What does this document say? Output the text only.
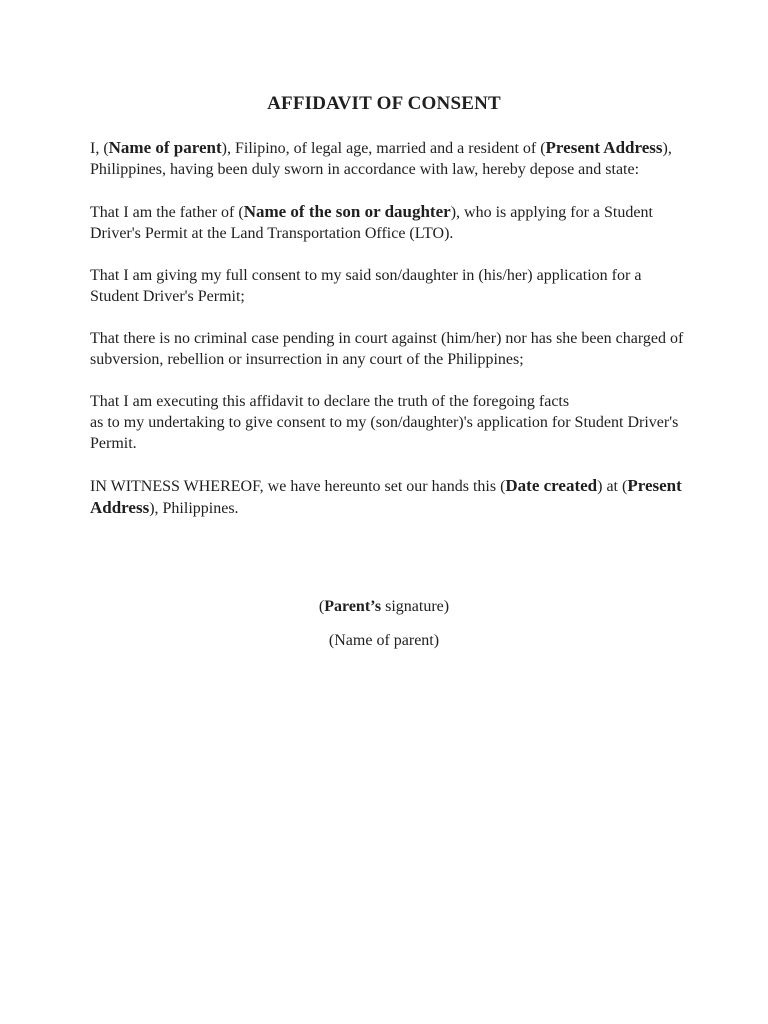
AFFIDAVIT OF CONSENT

I, (Name of parent), Filipino, of legal age, married and a resident of (Present Address), Philippines, having been duly sworn in accordance with law, hereby depose and state:

That I am the father of (Name of the son or daughter), who is applying for a Student Driver's Permit at the Land Transportation Office (LTO).

That I am giving my full consent to my said son/daughter in (his/her) application for a Student Driver's Permit;

That there is no criminal case pending in court against (him/her) nor has she been charged of subversion, rebellion or insurrection in any court of the Philippines;

That I am executing this affidavit to declare the truth of the foregoing facts
as to my undertaking to give consent to my (son/daughter)'s application for Student Driver's Permit.

IN WITNESS WHEREOF, we have hereunto set our hands this (Date created) at (Present Address), Philippines.

(Parent’s signature)
(Name of parent)
